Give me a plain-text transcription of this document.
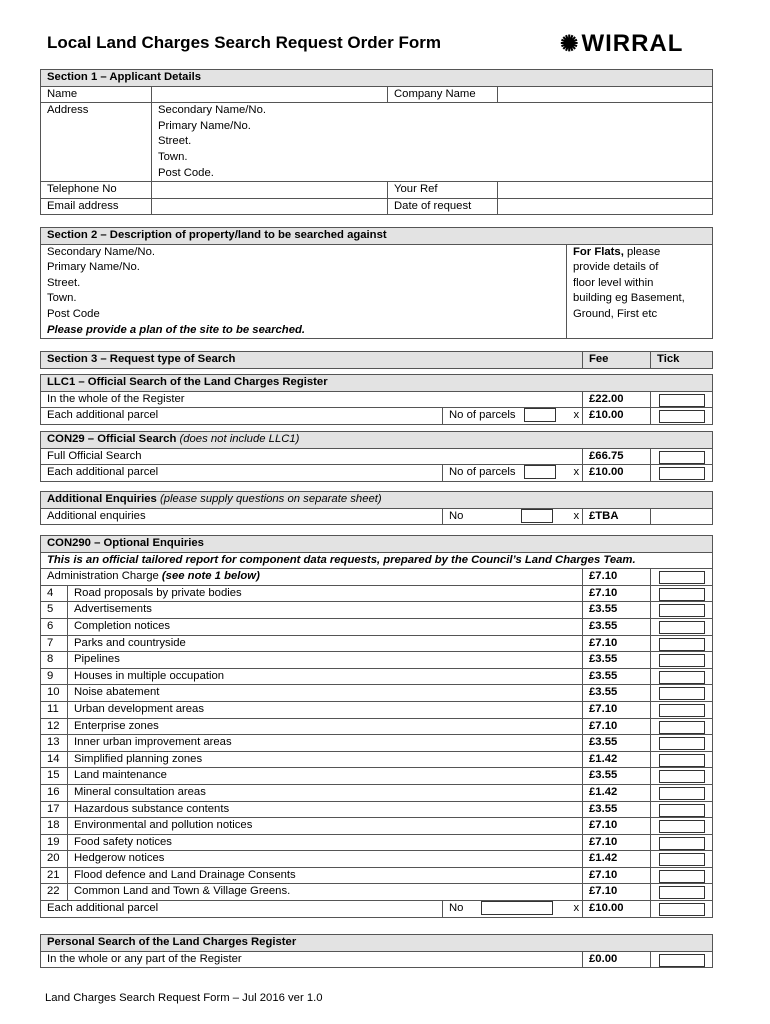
Local Land Charges Search Request Order Form	✺WIRRAL
Section 1 – Applicant Details			
Name		Company Name	
Address	Secondary Name/No.
Primary Name/No.
Street.
Town.
Post Code.		

Telephone No		Your Ref	
Email address		Date of request	
Section 2 – Description of property/land to be searched against

Secondary Name/No.
Primary Name/No.
Street.
Town.
Post Code
Please provide a plan of the site to be searched.

For Flats, please
provide details of
floor level within
building eg Basement,
Ground, First etc
Section 3 – Request type of Search	Fee	Tick
LLC1 – Official Search of the Land Charges Register				
In the whole of the Register			£22.00	

Each additional parcel	No of parcels	x	£10.00	
CON29 – Official Search (does not include LLC1)				
Full Official Search			£66.75	

Each additional parcel	No of parcels	x	£10.00	
Additional Enquiries (please supply questions on separate sheet)
Additional enquiries	No	x	£TBA	
CON290 – Optional Enquiries					
This is an official tailored report for component data requests, prepared by the Council’s Land Charges Team.					
Administration Charge (see note 1 below)				£7.10	

4	Road proposals by private bodies			£7.10	

5	Advertisements			£3.55	

6	Completion notices			£3.55	

7	Parks and countryside			£7.10	

8	Pipelines			£3.55	

9	Houses in multiple occupation			£3.55	

10	Noise abatement			£3.55	

11	Urban development areas			£7.10	

12	Enterprise zones			£7.10	

13	Inner urban improvement areas			£3.55	

14	Simplified planning zones			£1.42	

15	Land maintenance			£3.55	

16	Mineral consultation areas			£1.42	

17	Hazardous substance contents			£3.55	

18	Environmental and pollution notices			£7.10	

19	Food safety notices			£7.10	

20	Hedgerow notices			£1.42	

21	Flood defence and Land Drainage Consents			£7.10	

22	Common Land and Town & Village Greens.			£7.10	

Each additional parcel		No	x	£10.00	
Personal Search of the Land Charges Register
In the whole or any part of the Register	£0.00	
Land Charges Search Request Form – Jul 2016 ver 1.0
